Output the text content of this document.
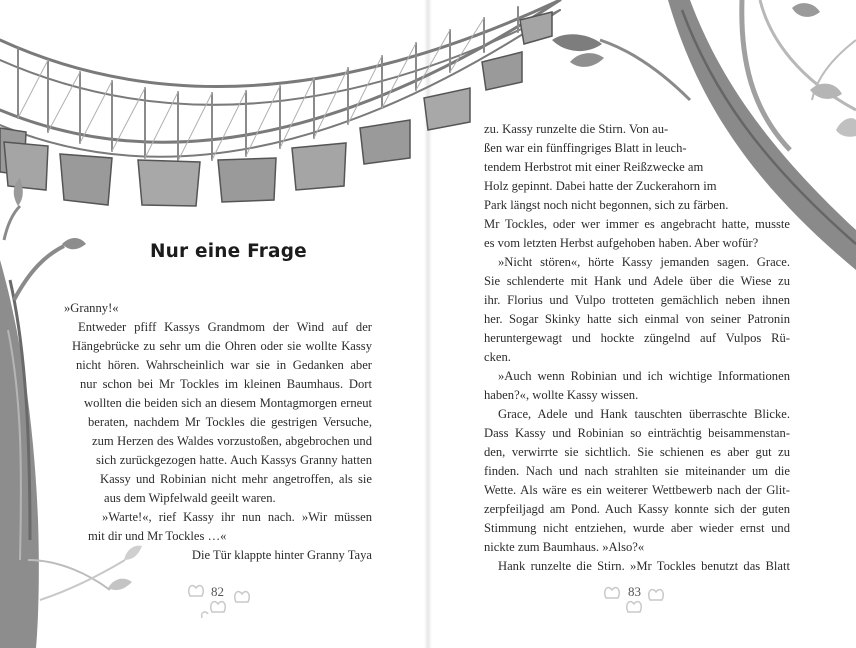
Nur eine Frage
»Granny!«
Entweder pfiff Kassys Grandmom der Wind auf der
Hängebrücke zu sehr um die Ohren oder sie wollte Kassy
nicht hören. Wahrscheinlich war sie in Gedanken aber
nur schon bei Mr Tockles im kleinen Baumhaus. Dort
wollten die beiden sich an diesem Montagmorgen erneut
beraten, nachdem Mr Tockles die gestrigen Versuche,
zum Herzen des Waldes vorzustoßen, abgebrochen und
sich zurückgezogen hatte. Auch Kassys Granny hatten
Kassy und Robinian nicht mehr angetroffen, als sie
aus dem Wipfelwald geeilt waren.
»Warte!«, rief Kassy ihr nun nach. »Wir müssen
mit dir und Mr Tockles …«
Die Tür klappte hinter Granny Taya
zu. Kassy runzelte die Stirn. Von au-
ßen war ein fünffingriges Blatt in leuch-
tendem Herbstrot mit einer Reißzwecke am
Holz gepinnt. Dabei hatte der Zuckerahorn im
Park längst noch nicht begonnen, sich zu färben.
Mr Tockles, oder wer immer es angebracht hatte, musste
es vom letzten Herbst aufgehoben haben. Aber wofür?
»Nicht stören«, hörte Kassy jemanden sagen. Grace.
Sie schlenderte mit Hank und Adele über die Wiese zu
ihr. Florius und Vulpo trotteten gemächlich neben ihnen
her. Sogar Skinky hatte sich einmal von seiner Patronin
heruntergewagt und hockte züngelnd auf Vulpos Rü-
cken.
»Auch wenn Robinian und ich wichtige Informationen
haben?«, wollte Kassy wissen.
Grace, Adele und Hank tauschten überraschte Blicke.
Dass Kassy und Robinian so einträchtig beisammenstan-
den, verwirrte sie sichtlich. Sie schienen es aber gut zu
finden. Nach und nach strahlten sie miteinander um die
Wette. Als wäre es ein weiterer Wettbewerb nach der Glit-
zerpfeiljagd am Pond. Auch Kassy konnte sich der guten
Stimmung nicht entziehen, wurde aber wieder ernst und
nickte zum Baumhaus. »Also?«
Hank runzelte die Stirn. »Mr Tockles benutzt das Blatt
82	83
